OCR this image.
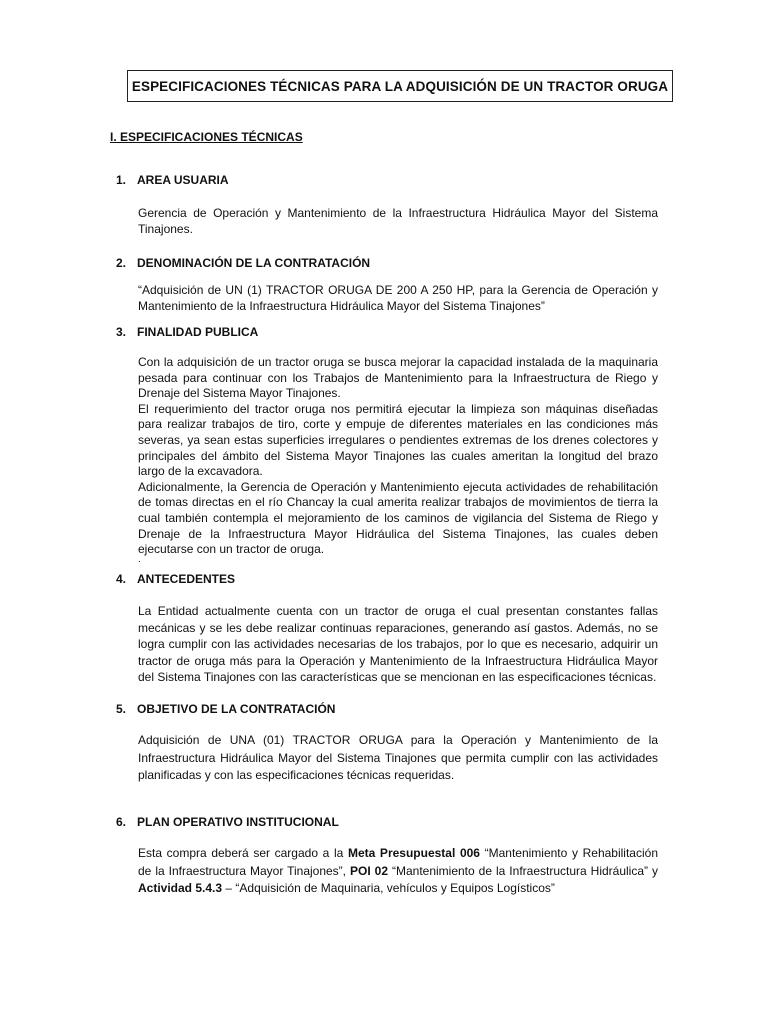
ESPECIFICACIONES TÉCNICAS PARA LA ADQUISICIÓN DE UN TRACTOR ORUGA
I. ESPECIFICACIONES TÉCNICAS
1. AREA USUARIA

Gerencia de Operación y Mantenimiento de la Infraestructura Hidráulica Mayor del Sistema Tinajones.

2. DENOMINACIÓN DE LA CONTRATACIÓN

“Adquisición de UN (1) TRACTOR ORUGA DE 200 A 250 HP, para la Gerencia de Operación y Mantenimiento de la Infraestructura Hidráulica Mayor del Sistema Tinajones”

3. FINALIDAD PUBLICA

Con la adquisición de un tractor oruga se busca mejorar la capacidad instalada de la maquinaria pesada para continuar con los Trabajos de Mantenimiento para la Infraestructura de Riego y Drenaje del Sistema Mayor Tinajones.

El requerimiento del tractor oruga nos permitirá ejecutar la limpieza son máquinas diseñadas para realizar trabajos de tiro, corte y empuje de diferentes materiales en las condiciones más severas, ya sean estas superficies irregulares o pendientes extremas de los drenes colectores y principales del ámbito del Sistema Mayor Tinajones las cuales ameritan la longitud del brazo largo de la excavadora.

Adicionalmente, la Gerencia de Operación y Mantenimiento ejecuta actividades de rehabilitación de tomas directas en el río Chancay la cual amerita realizar trabajos de movimientos de tierra la cual también contempla el mejoramiento de los caminos de vigilancia del Sistema de Riego y Drenaje de la Infraestructura Mayor Hidráulica del Sistema Tinajones, las cuales deben ejecutarse con un tractor de oruga.

.
4. ANTECEDENTES

La Entidad actualmente cuenta con un tractor de oruga el cual presentan constantes fallas mecánicas y se les debe realizar continuas reparaciones, generando así gastos. Además, no se logra cumplir con las actividades necesarias de los trabajos, por lo que es necesario, adquirir un tractor de oruga más para la Operación y Mantenimiento de la Infraestructura Hidráulica Mayor del Sistema Tinajones con las características que se mencionan en las especificaciones técnicas.

5. OBJETIVO DE LA CONTRATACIÓN

Adquisición de UNA (01) TRACTOR ORUGA para la Operación y Mantenimiento de la Infraestructura Hidráulica Mayor del Sistema Tinajones que permita cumplir con las actividades planificadas y con las especificaciones técnicas requeridas.

6. PLAN OPERATIVO INSTITUCIONAL

Esta compra deberá ser cargado a la Meta Presupuestal 006 “Mantenimiento y Rehabilitación de la Infraestructura Mayor Tinajones”, POI 02 “Mantenimiento de la Infraestructura Hidráulica” y Actividad 5.4.3 – “Adquisición de Maquinaria, vehículos y Equipos Logísticos”
